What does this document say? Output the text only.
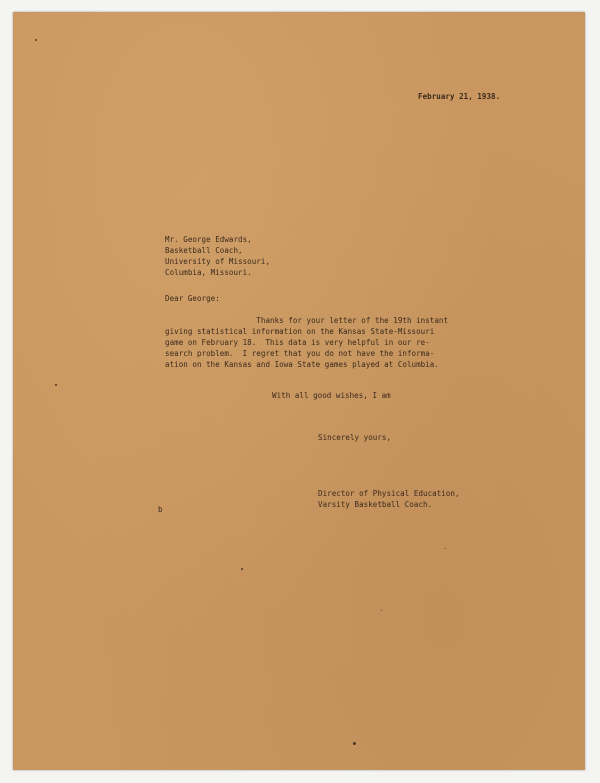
February 21, 1938.
Mr. George Edwards,
Basketball Coach,
University of Missouri,
Columbia, Missouri.
Dear George:
Thanks for your letter of the 19th instant
giving statistical information on the Kansas State-Missouri
game on February 18.  This data is very helpful in our re-
search problem.  I regret that you do not have the informa-
ation on the Kansas and Iowa State games played at Columbia.
With all good wishes, I am
Sincerely yours,
Director of Physical Education,
Varsity Basketball Coach.
b
